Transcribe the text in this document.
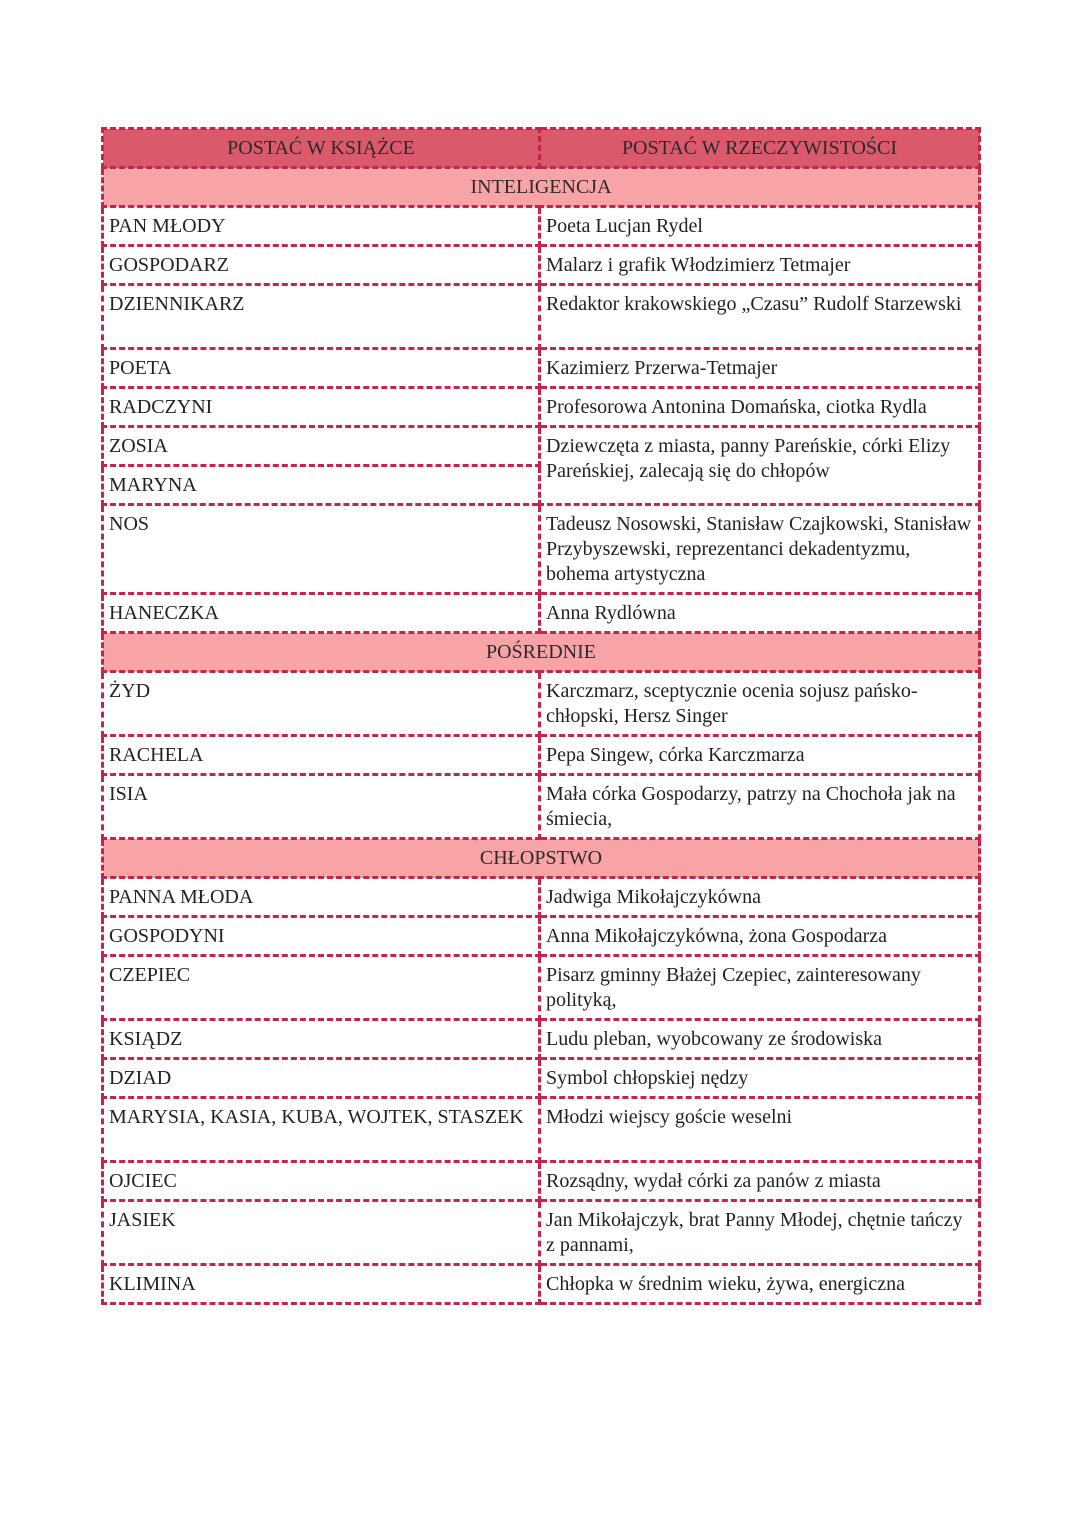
POSTAĆ W KSIĄŻCE	POSTAĆ W RZECZYWISTOŚCI
INTELIGENCJA	
PAN MŁODY	Poeta Lucjan Rydel
GOSPODARZ	Malarz i grafik Włodzimierz Tetmajer
DZIENNIKARZ	Redaktor krakowskiego „Czasu” Rudolf Starzewski
POETA	Kazimierz Przerwa-Tetmajer
RADCZYNI	Profesorowa Antonina Domańska, ciotka Rydla
ZOSIA	Dziewczęta z miasta, panny Pareńskie, córki Elizy Pareńskiej, zalecają się do chłopów
MARYNA	
NOS	Tadeusz Nosowski, Stanisław Czajkowski, Stanisław Przybyszewski, reprezentanci dekadentyzmu, bohema artystyczna
HANECZKA	Anna Rydlówna
POŚREDNIE	
ŻYD	Karczmarz, sceptycznie ocenia sojusz pańsko-chłopski, Hersz Singer
RACHELA	Pepa Singew, córka Karczmarza
ISIA	Mała córka Gospodarzy, patrzy na Chochoła jak na śmiecia,
CHŁOPSTWO	
PANNA MŁODA	Jadwiga Mikołajczykówna
GOSPODYNI	Anna Mikołajczykówna, żona Gospodarza
CZEPIEC	Pisarz gminny Błażej Czepiec, zainteresowany polityką,
KSIĄDZ	Ludu pleban, wyobcowany ze środowiska
DZIAD	Symbol chłopskiej nędzy
MARYSIA, KASIA, KUBA, WOJTEK, STASZEK	Młodzi wiejscy goście weselni
OJCIEC	Rozsądny, wydał córki za panów z miasta
JASIEK	Jan Mikołajczyk, brat Panny Młodej, chętnie tańczy z pannami,
KLIMINA	Chłopka w średnim wieku, żywa, energiczna
